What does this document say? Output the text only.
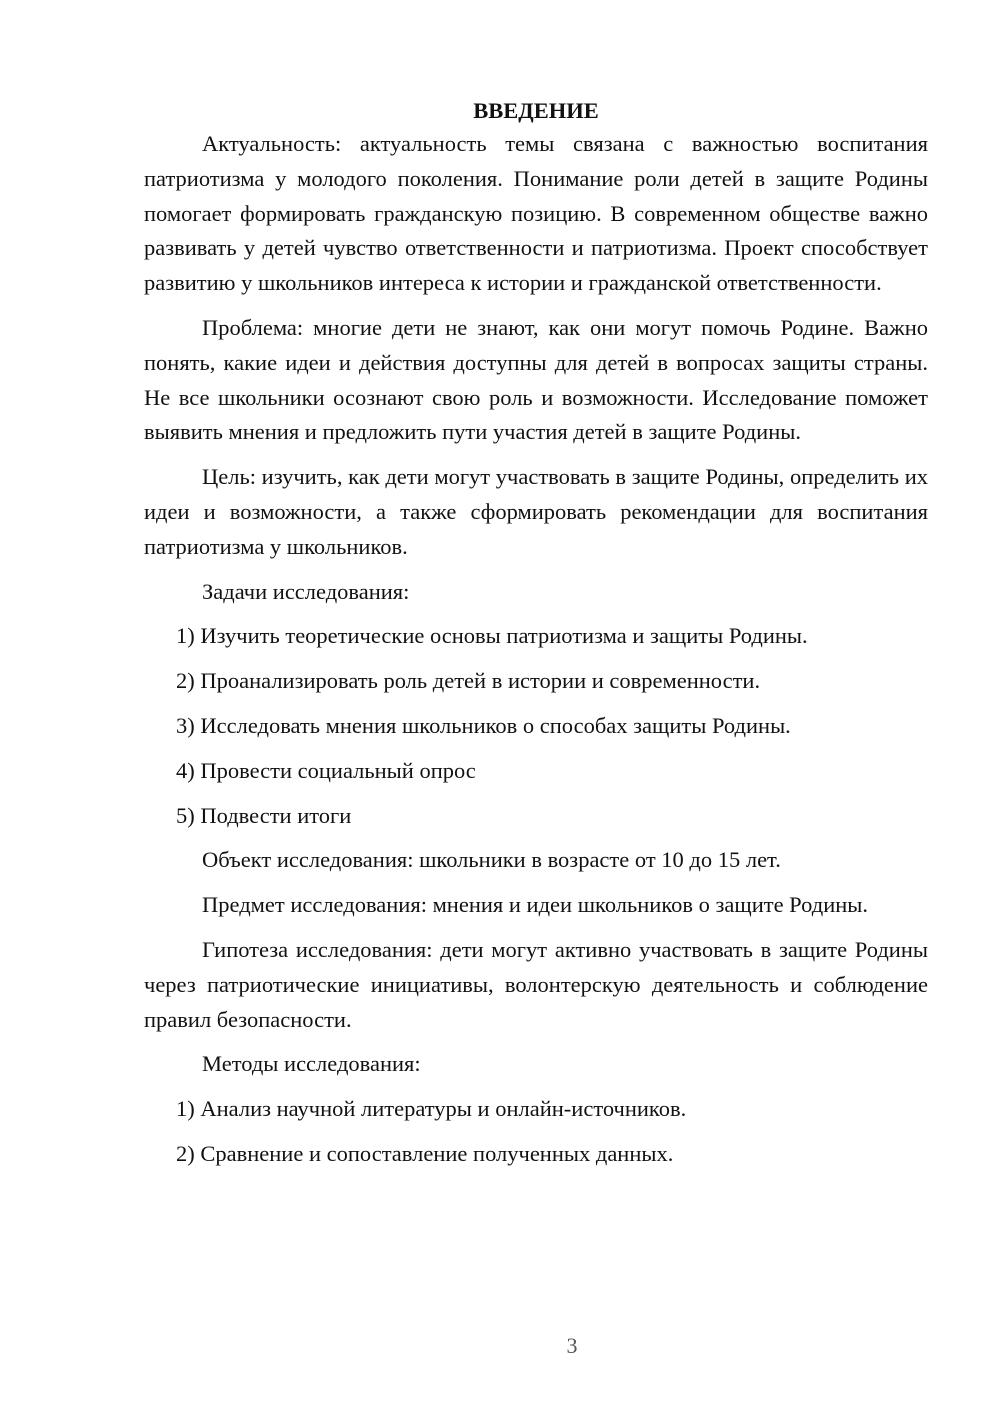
ВВЕДЕНИЕ

Актуальность: актуальность темы связана с важностью воспитания патриотизма у молодого поколения. Понимание роли детей в защите Родины помогает формировать гражданскую позицию. В современном обществе важно развивать у детей чувство ответственности и патриотизма. Проект способствует развитию у школьников интереса к истории и гражданской ответственности.

Проблема: многие дети не знают, как они могут помочь Родине. Важно понять, какие идеи и действия доступны для детей в вопросах защиты страны. Не все школьники осознают свою роль и возможности. Исследование поможет выявить мнения и предложить пути участия детей в защите Родины.

Цель: изучить, как дети могут участвовать в защите Родины, определить их идеи и возможности, а также сформировать рекомендации для воспитания патриотизма у школьников.

Задачи исследования:
1) Изучить теоретические основы патриотизма и защиты Родины.
2) Проанализировать роль детей в истории и современности.
3) Исследовать мнения школьников о способах защиты Родины.
4) Провести социальный опрос
5) Подвести итоги
Объект исследования: школьники в возрасте от 10 до 15 лет.

Предмет исследования: мнения и идеи школьников о защите Родины.

Гипотеза исследования: дети могут активно участвовать в защите Родины через патриотические инициативы, волонтерскую деятельность и соблюдение правил безопасности.

Методы исследования:
1) Анализ научной литературы и онлайн-источников.
2) Сравнение и сопоставление полученных данных.
3
